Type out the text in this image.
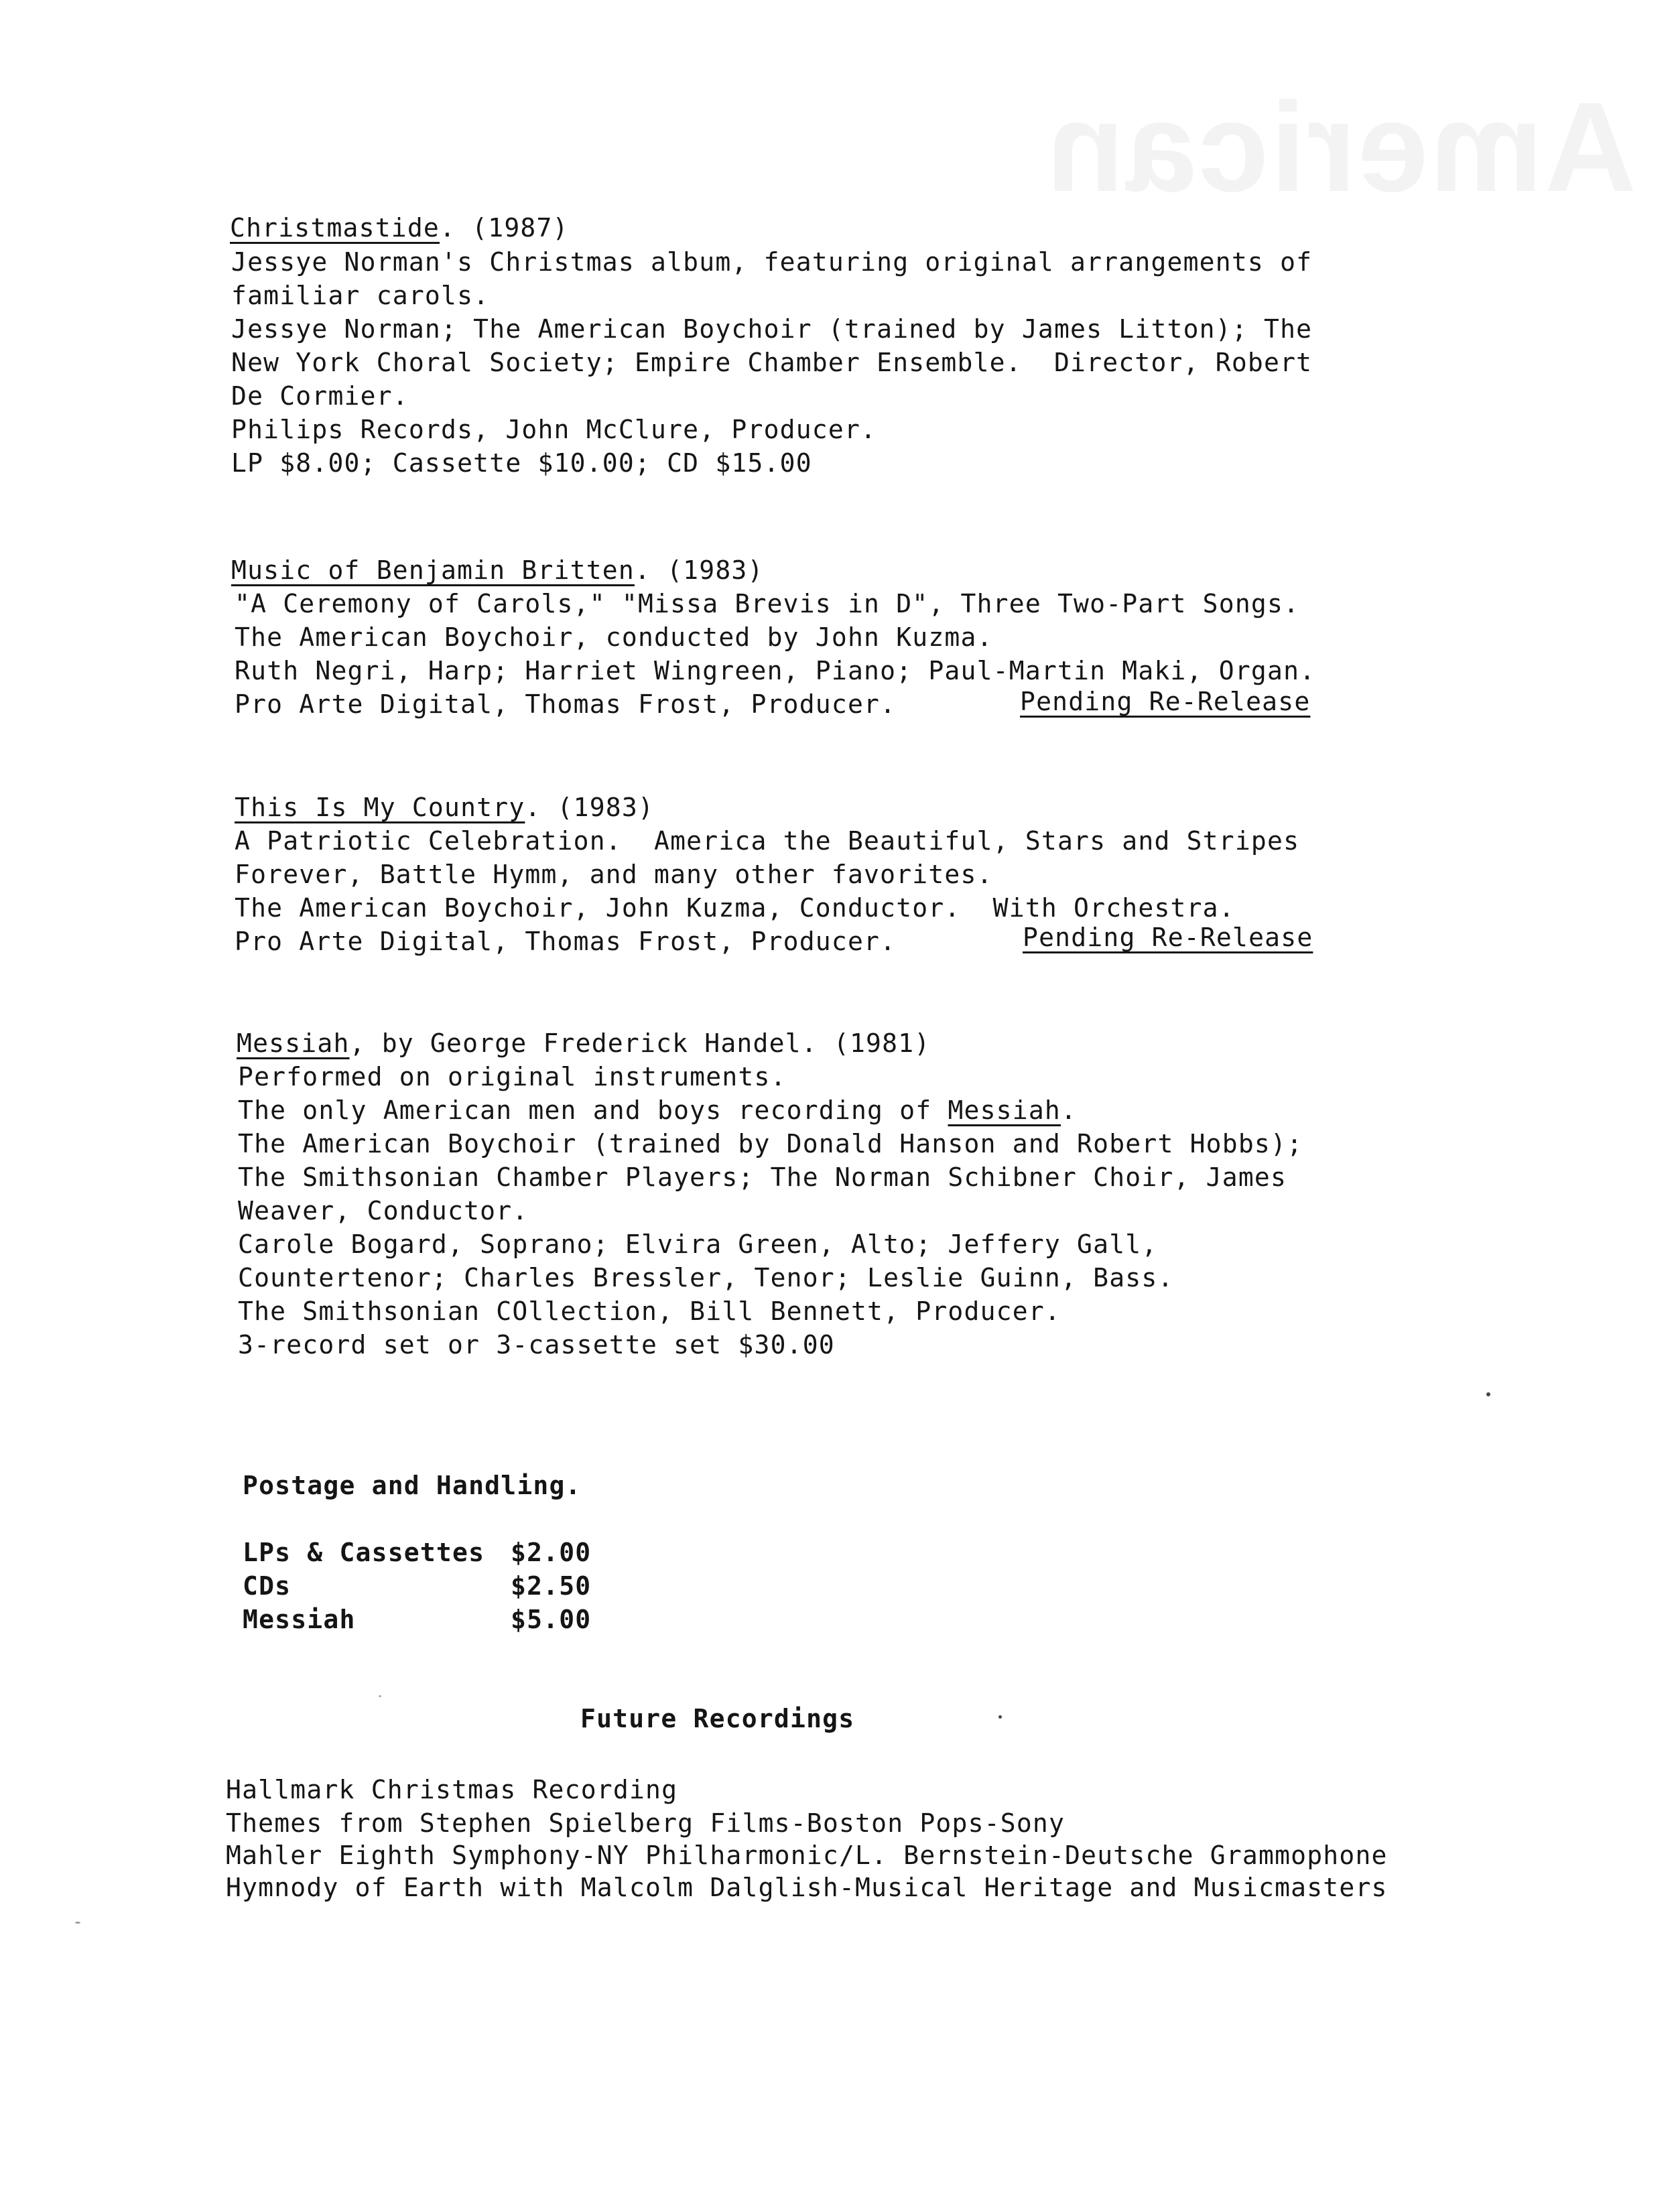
American
Christmastide. (1987)
Jessye Norman's Christmas album, featuring original arrangements of
familiar carols.
Jessye Norman; The American Boychoir (trained by James Litton); The
New York Choral Society; Empire Chamber Ensemble.  Director, Robert
De Cormier.
Philips Records, John McClure, Producer.
LP $8.00; Cassette $10.00; CD $15.00
Music of Benjamin Britten. (1983)
"A Ceremony of Carols," "Missa Brevis in D", Three Two-Part Songs.
The American Boychoir, conducted by John Kuzma.
Ruth Negri, Harp; Harriet Wingreen, Piano; Paul-Martin Maki, Organ.
Pro Arte Digital, Thomas Frost, Producer.	Pending Re-Release
This Is My Country. (1983)
A Patriotic Celebration.  America the Beautiful, Stars and Stripes
Forever, Battle Hymm, and many other favorites.
The American Boychoir, John Kuzma, Conductor.  With Orchestra.
Pro Arte Digital, Thomas Frost, Producer.	Pending Re-Release
Messiah, by George Frederick Handel. (1981)
Performed on original instruments.
The only American men and boys recording of Messiah.
The American Boychoir (trained by Donald Hanson and Robert Hobbs);
The Smithsonian Chamber Players; The Norman Schibner Choir, James
Weaver, Conductor.
Carole Bogard, Soprano; Elvira Green, Alto; Jeffery Gall,
Countertenor; Charles Bressler, Tenor; Leslie Guinn, Bass.
The Smithsonian COllection, Bill Bennett, Producer.
3-record set or 3-cassette set $30.00
Postage and Handling.
LPs & Cassettes $2.00
CDs	$2.50
Messiah	$5.00
Future Recordings
Hallmark Christmas Recording
Themes from Stephen Spielberg Films-Boston Pops-Sony
Mahler Eighth Symphony-NY Philharmonic/L. Bernstein-Deutsche Grammophone
Hymnody of Earth with Malcolm Dalglish-Musical Heritage and Musicmasters
